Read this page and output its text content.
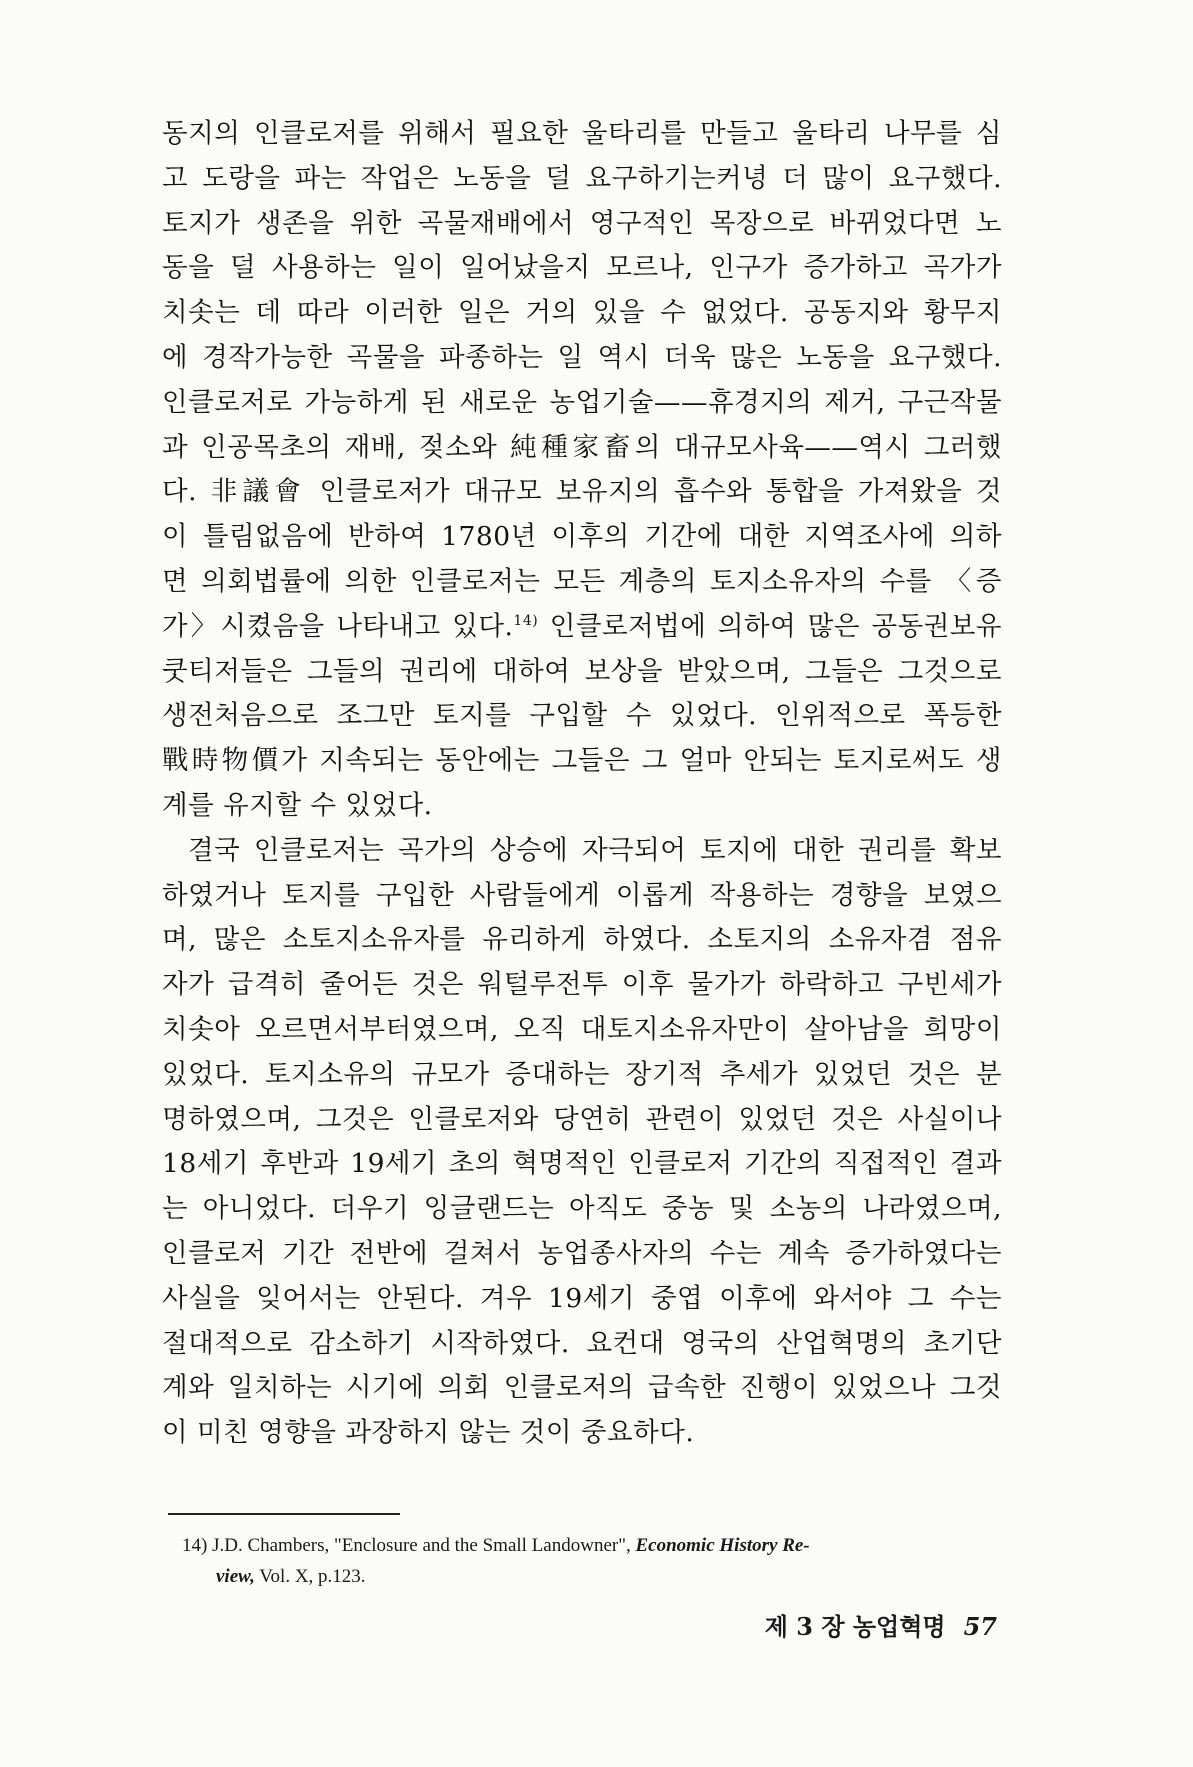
동지의 인클로저를 위해서 필요한 울타리를 만들고 울타리 나무를 심
고 도랑을 파는 작업은 노동을 덜 요구하기는커녕 더 많이 요구했다.
토지가 생존을 위한 곡물재배에서 영구적인 목장으로 바뀌었다면 노
동을 덜 사용하는 일이 일어났을지 모르나, 인구가 증가하고 곡가가
치솟는 데 따라 이러한 일은 거의 있을 수 없었다. 공동지와 황무지
에 경작가능한 곡물을 파종하는 일 역시 더욱 많은 노동을 요구했다.
인클로저로 가능하게 된 새로운 농업기술——휴경지의 제거, 구근작물
과 인공목초의 재배, 젖소와 純種家畜의 대규모사육——역시 그러했
다. 非議會 인클로저가 대규모 보유지의 흡수와 통합을 가져왔을 것
이 틀림없음에 반하여 1780년 이후의 기간에 대한 지역조사에 의하
면 의회법률에 의한 인클로저는 모든 계층의 토지소유자의 수를 〈증
가〉시켰음을 나타내고 있다.$^{14)}$ 인클로저법에 의하여 많은 공동권보유
쿳티저들은 그들의 권리에 대하여 보상을 받았으며, 그들은 그것으로
생전처음으로 조그만 토지를 구입할 수 있었다. 인위적으로 폭등한
戰時物價가 지속되는 동안에는 그들은 그 얼마 안되는 토지로써도 생
계를 유지할 수 있었다.
결국 인클로저는 곡가의 상승에 자극되어 토지에 대한 권리를 확보
하였거나 토지를 구입한 사람들에게 이롭게 작용하는 경향을 보였으
며, 많은 소토지소유자를 유리하게 하였다. 소토지의 소유자겸 점유
자가 급격히 줄어든 것은 워털루전투 이후 물가가 하락하고 구빈세가
치솟아 오르면서부터였으며, 오직 대토지소유자만이 살아남을 희망이
있었다. 토지소유의 규모가 증대하는 장기적 추세가 있었던 것은 분
명하였으며, 그것은 인클로저와 당연히 관련이 있었던 것은 사실이나
18세기 후반과 19세기 초의 혁명적인 인클로저 기간의 직접적인 결과
는 아니었다. 더우기 잉글랜드는 아직도 중농 및 소농의 나라였으며,
인클로저 기간 전반에 걸쳐서 농업종사자의 수는 계속 증가하였다는
사실을 잊어서는 안된다. 겨우 19세기 중엽 이후에 와서야 그 수는
절대적으로 감소하기 시작하였다. 요컨대 영국의 산업혁명의 초기단
계와 일치하는 시기에 의회 인클로저의 급속한 진행이 있었으나 그것
이 미친 영향을 과장하지 않는 것이 중요하다.
14) J.D. Chambers, "Enclosure and the Small Landowner", Economic History Re-
view, Vol. X, p.123.
제 3 장 농업혁명 57
